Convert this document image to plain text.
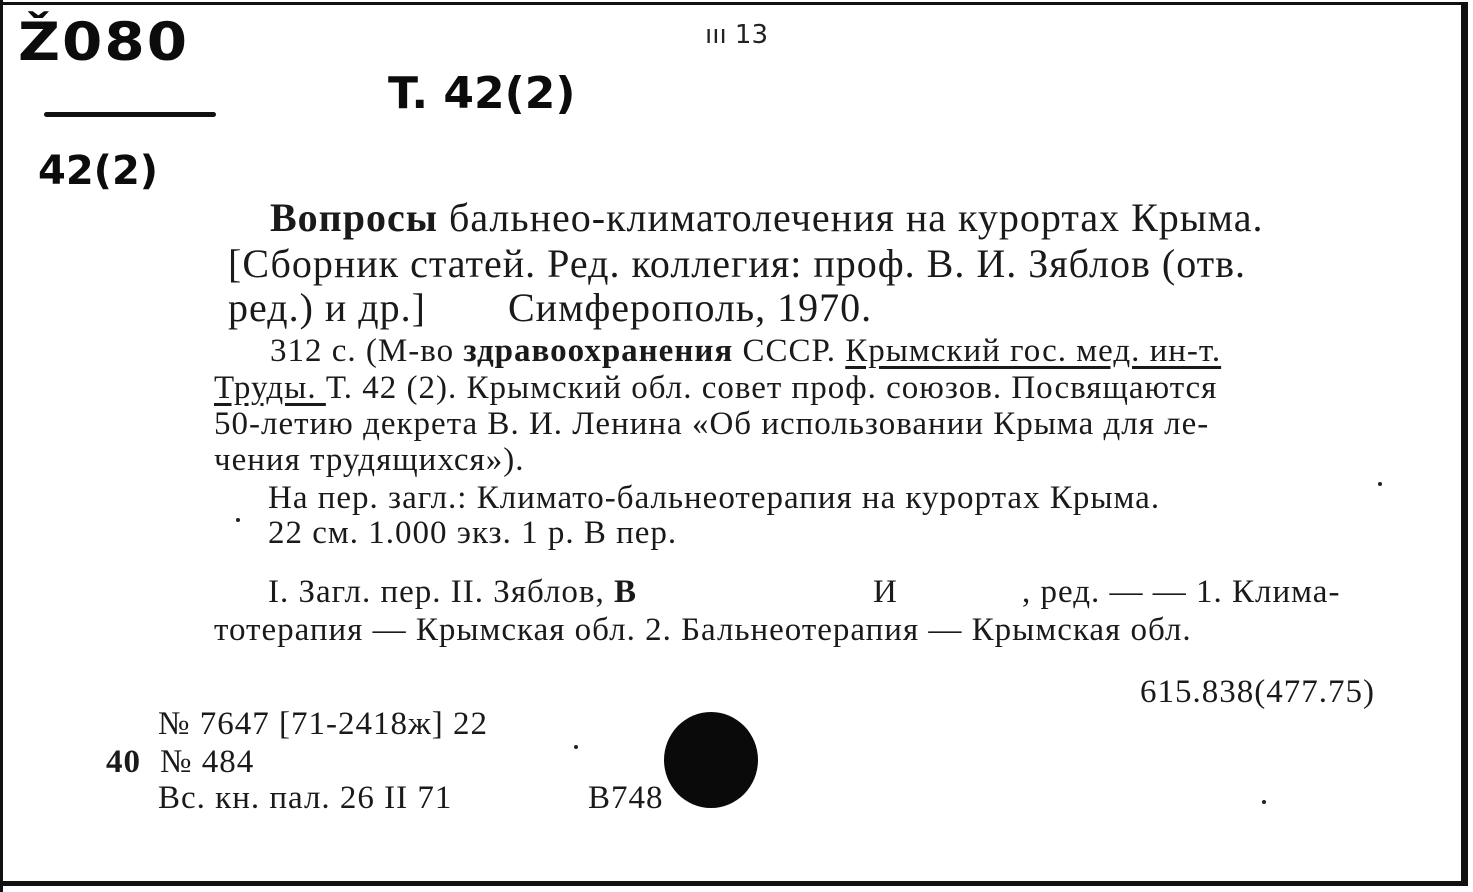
Ž080
42(2)
T. 42(2)
ııı 13
Вопросы бальнео-климатолечения на курортах Крыма.
[Сборник статей. Ред. коллегия: проф. В. И. Зяблов (отв.
ред.) и др.] Симферополь, 1970.
312 с. (М-во здравоохранения СССР. Крымский гос. мед. ин-т.
Труды. Т. 42 (2). Крымский обл. совет проф. союзов. Посвящаются
50-летию декрета В. И. Ленина «Об использовании Крыма для ле-
чения трудящихся»).
На пер. загл.: Климато-бальнеотерапия на курортах Крыма.
22 см. 1.000 экз. 1 р. В пер.
I. Загл. пер. II. Зяблов, В	И	, ред. — — 1. Клима-
тотерапия — Крымская обл. 2. Бальнеотерапия — Крымская обл.
615.838(477.75)
№ 7647 [71-2418ж] 22
40 № 484
Вс. кн. пал. 26 II 71	В748
